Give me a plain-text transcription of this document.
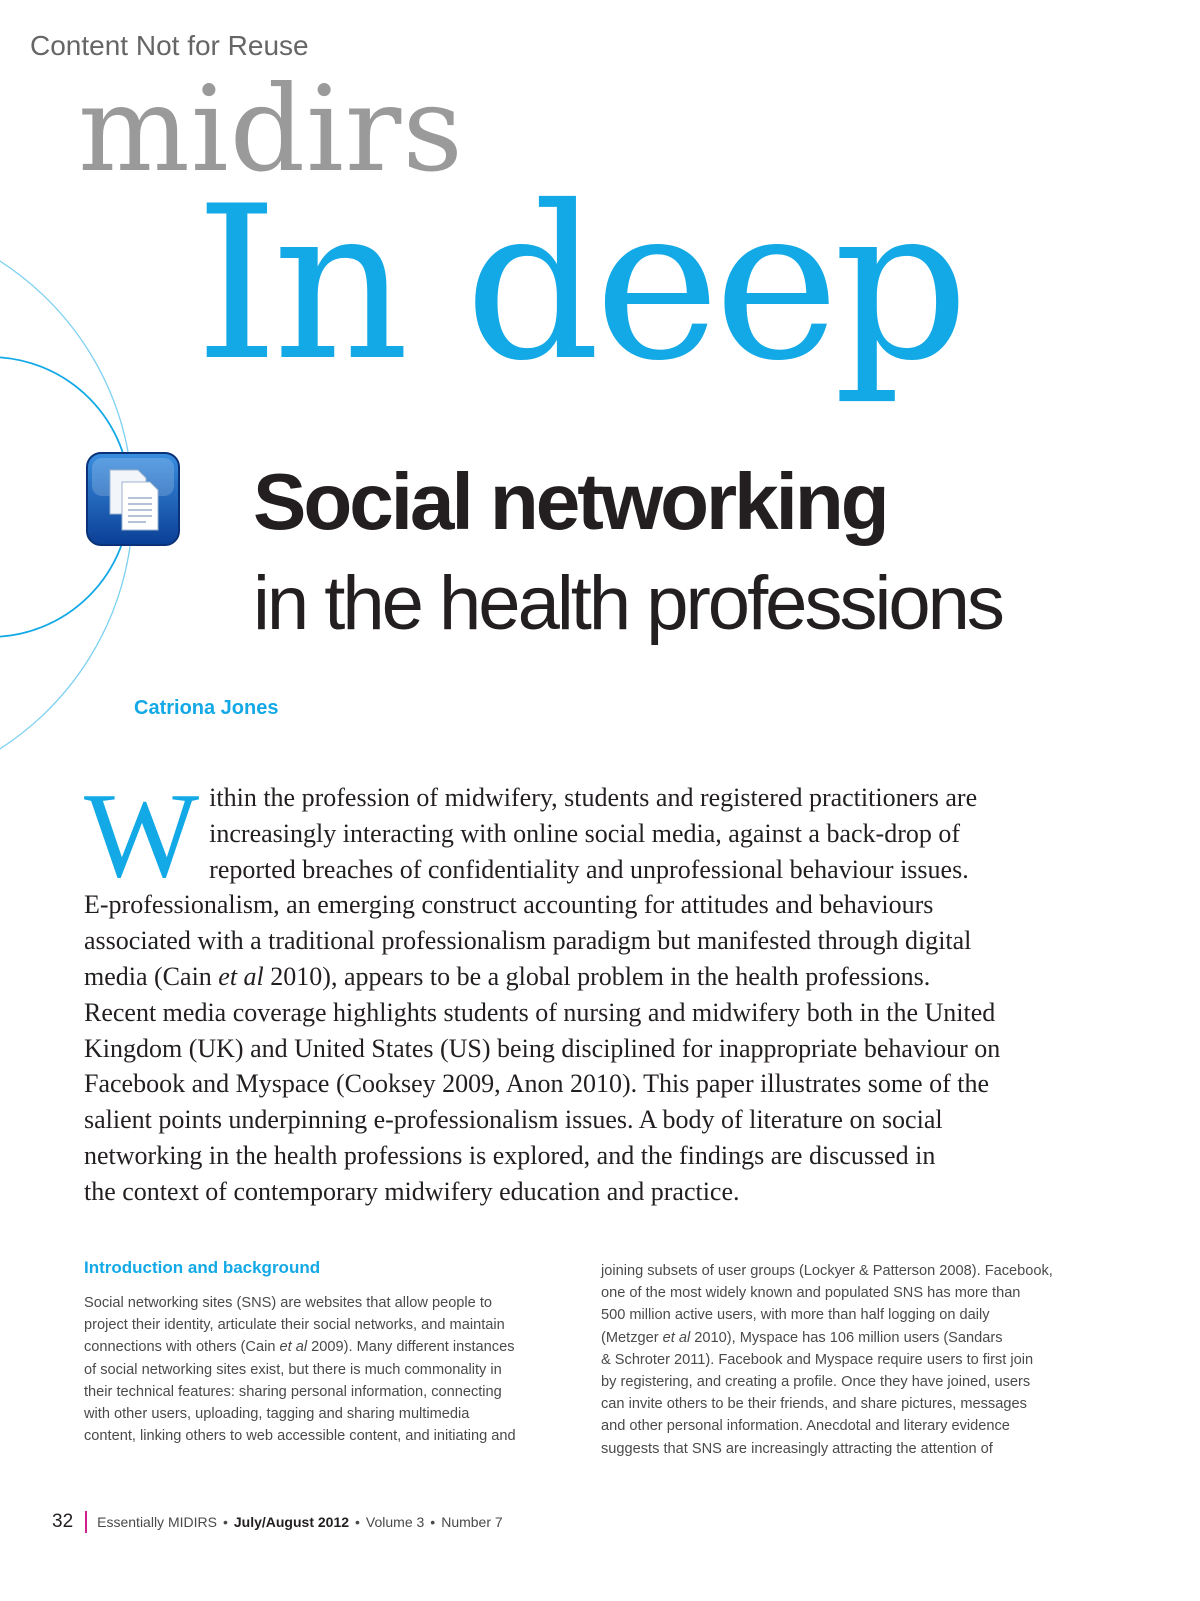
Content Not for Reuse
midirs
In deep
Social networking
in the health professions
Catriona Jones
W ithin the profession of midwifery, students and registered practitioners are
increasingly interacting with online social media, against a back-drop of
reported breaches of confidentiality and unprofessional behaviour issues.
E-professionalism, an emerging construct accounting for attitudes and behaviours
associated with a traditional professionalism paradigm but manifested through digital
media (Cain et al 2010), appears to be a global problem in the health professions.
Recent media coverage highlights students of nursing and midwifery both in the United
Kingdom (UK) and United States (US) being disciplined for inappropriate behaviour on
Facebook and Myspace (Cooksey 2009, Anon 2010). This paper illustrates some of the
salient points underpinning e-professionalism issues. A body of literature on social
networking in the health professions is explored, and the findings are discussed in
the context of contemporary midwifery education and practice.
Introduction and background
Social networking sites (SNS) are websites that allow people to
project their identity, articulate their social networks, and maintain
connections with others (Cain et al 2009). Many different instances
of social networking sites exist, but there is much commonality in
their technical features: sharing personal information, connecting
with other users, uploading, tagging and sharing multimedia
content, linking others to web accessible content, and initiating and
joining subsets of user groups (Lockyer & Patterson 2008). Facebook,
one of the most widely known and populated SNS has more than
500 million active users, with more than half logging on daily
(Metzger et al 2010), Myspace has 106 million users (Sandars
& Schroter 2011). Facebook and Myspace require users to first join
by registering, and creating a profile. Once they have joined, users
can invite others to be their friends, and share pictures, messages
and other personal information. Anecdotal and literary evidence
suggests that SNS are increasingly attracting the attention of
32 Essentially MIDIRS • July/August 2012 • Volume 3 • Number 7
